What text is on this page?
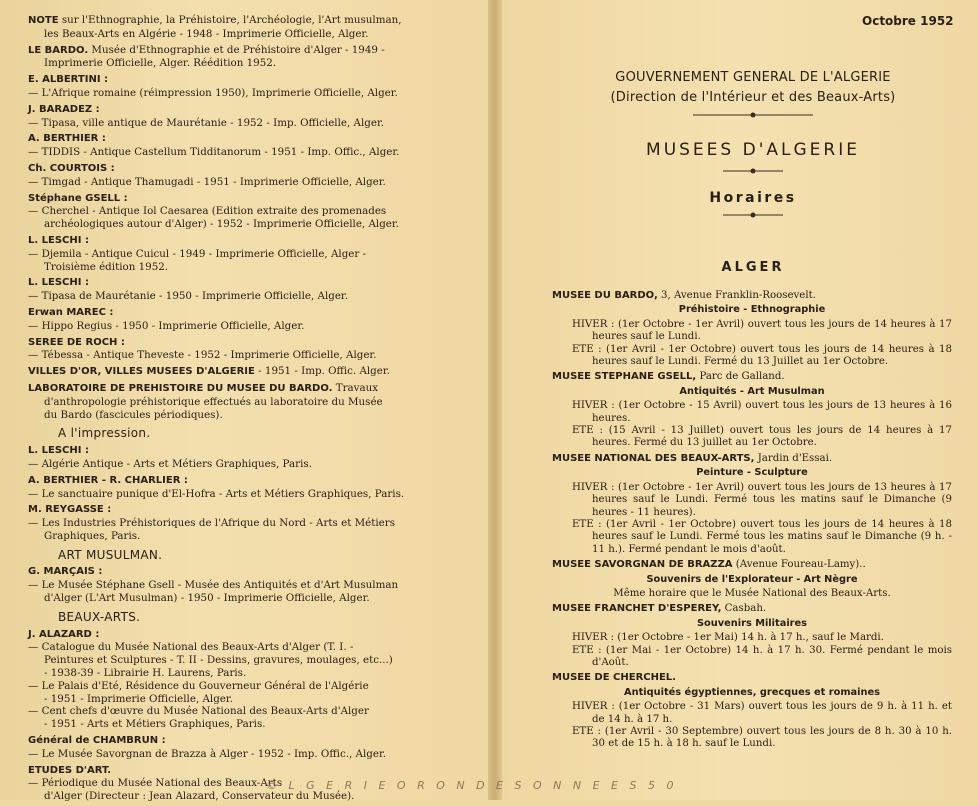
NOTE sur l'Ethnographie, la Préhistoire, l'Archéologie, l'Art musulman,
les Beaux-Arts en Algérie - 1948 - Imprimerie Officielle, Alger.
LE BARDO. Musée d'Ethnographie et de Préhistoire d'Alger - 1949 -
Imprimerie Officielle, Alger. Réédition 1952.
E. ALBERTINI :
— L'Afrique romaine (réimpression 1950), Imprimerie Officielle, Alger.
J. BARADEZ :
— Tipasa, ville antique de Maurétanie - 1952 - Imp. Officielle, Alger.
A. BERTHIER :
— TIDDIS - Antique Castellum Tidditanorum - 1951 - Imp. Offic., Alger.
Ch. COURTOIS :
— Timgad - Antique Thamugadi - 1951 - Imprimerie Officielle, Alger.
Stéphane GSELL :
— Cherchel - Antique Iol Caesarea (Edition extraite des promenades
archéologiques autour d'Alger) - 1952 - Imprimerie Officielle, Alger.
L. LESCHI :
— Djemila - Antique Cuicul - 1949 - Imprimerie Officielle, Alger -
Troisième édition 1952.
L. LESCHI :
— Tipasa de Maurétanie - 1950 - Imprimerie Officielle, Alger.
Erwan MAREC :
— Hippo Regius - 1950 - Imprimerie Officielle, Alger.
SEREE DE ROCH :
— Tébessa - Antique Theveste - 1952 - Imprimerie Officielle, Alger.
VILLES D'OR, VILLES MUSEES D'ALGERIE - 1951 - Imp. Offic. Alger.
LABORATOIRE DE PREHISTOIRE DU MUSEE DU BARDO. Travaux
d'anthropologie préhistorique effectués au laboratoire du Musée
du Bardo (fascicules périodiques).
A l'impression.
L. LESCHI :
— Algérie Antique - Arts et Métiers Graphiques, Paris.
A. BERTHIER - R. CHARLIER :
— Le sanctuaire punique d'El-Hofra - Arts et Métiers Graphiques, Paris.
M. REYGASSE :
— Les Industries Préhistoriques de l'Afrique du Nord - Arts et Métiers
Graphiques, Paris.
ART MUSULMAN.
G. MARÇAIS :
— Le Musée Stéphane Gsell - Musée des Antiquités et d'Art Musulman
d'Alger (L'Art Musulman) - 1950 - Imprimerie Officielle, Alger.
BEAUX-ARTS.
J. ALAZARD :
— Catalogue du Musée National des Beaux-Arts d'Alger (T. I. -
Peintures et Sculptures - T. II - Dessins, gravures, moulages, etc...)
- 1938-39 - Librairie H. Laurens, Paris.
— Le Palais d'Eté, Résidence du Gouverneur Général de l'Algérie
- 1951 - Imprimerie Officielle, Alger.
— Cent chefs d'œuvre du Musée National des Beaux-Arts d'Alger
- 1951 - Arts et Métiers Graphiques, Paris.
Général de CHAMBRUN :
— Le Musée Savorgnan de Brazza à Alger - 1952 - Imp. Offic., Alger.
ETUDES D'ART.
— Périodique du Musée National des Beaux-Arts
d'Alger (Directeur : Jean Alazard, Conservateur du Musée).
© L G E R I E O R O N D E S O N N E E S 5 0
Octobre 1952
GOUVERNEMENT GENERAL DE L'ALGERIE
(Direction de l'Intérieur et des Beaux-Arts)
MUSEES D'ALGERIE
Horaires
ALGER
MUSEE DU BARDO, 3, Avenue Franklin-Roosevelt.
Préhistoire - Ethnographie
HIVER : (1er Octobre - 1er Avril) ouvert tous les jours de 14 heures à 17 heures sauf le Lundi.
ETE : (1er Avril - 1er Octobre) ouvert tous les jours de 14 heures à 18 heures sauf le Lundi. Fermé du 13 Juillet au 1er Octobre.
MUSEE STEPHANE GSELL, Parc de Galland.
Antiquités - Art Musulman
HIVER : (1er Octobre - 15 Avril) ouvert tous les jours de 13 heures à 16 heures.
ETE : (15 Avril - 13 Juillet) ouvert tous les jours de 14 heures à 17 heures. Fermé du 13 juillet au 1er Octobre.
MUSEE NATIONAL DES BEAUX-ARTS, Jardin d'Essai.
Peinture - Sculpture
HIVER : (1er Octobre - 1er Avril) ouvert tous les jours de 13 heures à 17 heures sauf le Lundi. Fermé tous les matins sauf le Dimanche (9 heures - 11 heures).
ETE : (1er Avril - 1er Octobre) ouvert tous les jours de 14 heures à 18 heures sauf le Lundi. Fermé tous les matins sauf le Dimanche (9 h. - 11 h.). Fermé pendant le mois d'août.
MUSEE SAVORGNAN DE BRAZZA (Avenue Foureau-Lamy)..
Souvenirs de l'Explorateur - Art Nègre
Même horaire que le Musée National des Beaux-Arts.
MUSEE FRANCHET D'ESPEREY, Casbah.
Souvenirs Militaires
HIVER : (1er Octobre - 1er Mai) 14 h. à 17 h., sauf le Mardi.
ETE : (1er Mai - 1er Octobre) 14 h. à 17 h. 30. Fermé pendant le mois d'Août.
MUSEE DE CHERCHEL.
Antiquités égyptiennes, grecques et romaines
HIVER : (1er Octobre - 31 Mars) ouvert tous les jours de 9 h. à 11 h. et de 14 h. à 17 h.
ETE : (1er Avril - 30 Septembre) ouvert tous les jours de 8 h. 30 à 10 h. 30 et de 15 h. à 18 h. sauf le Lundi.
